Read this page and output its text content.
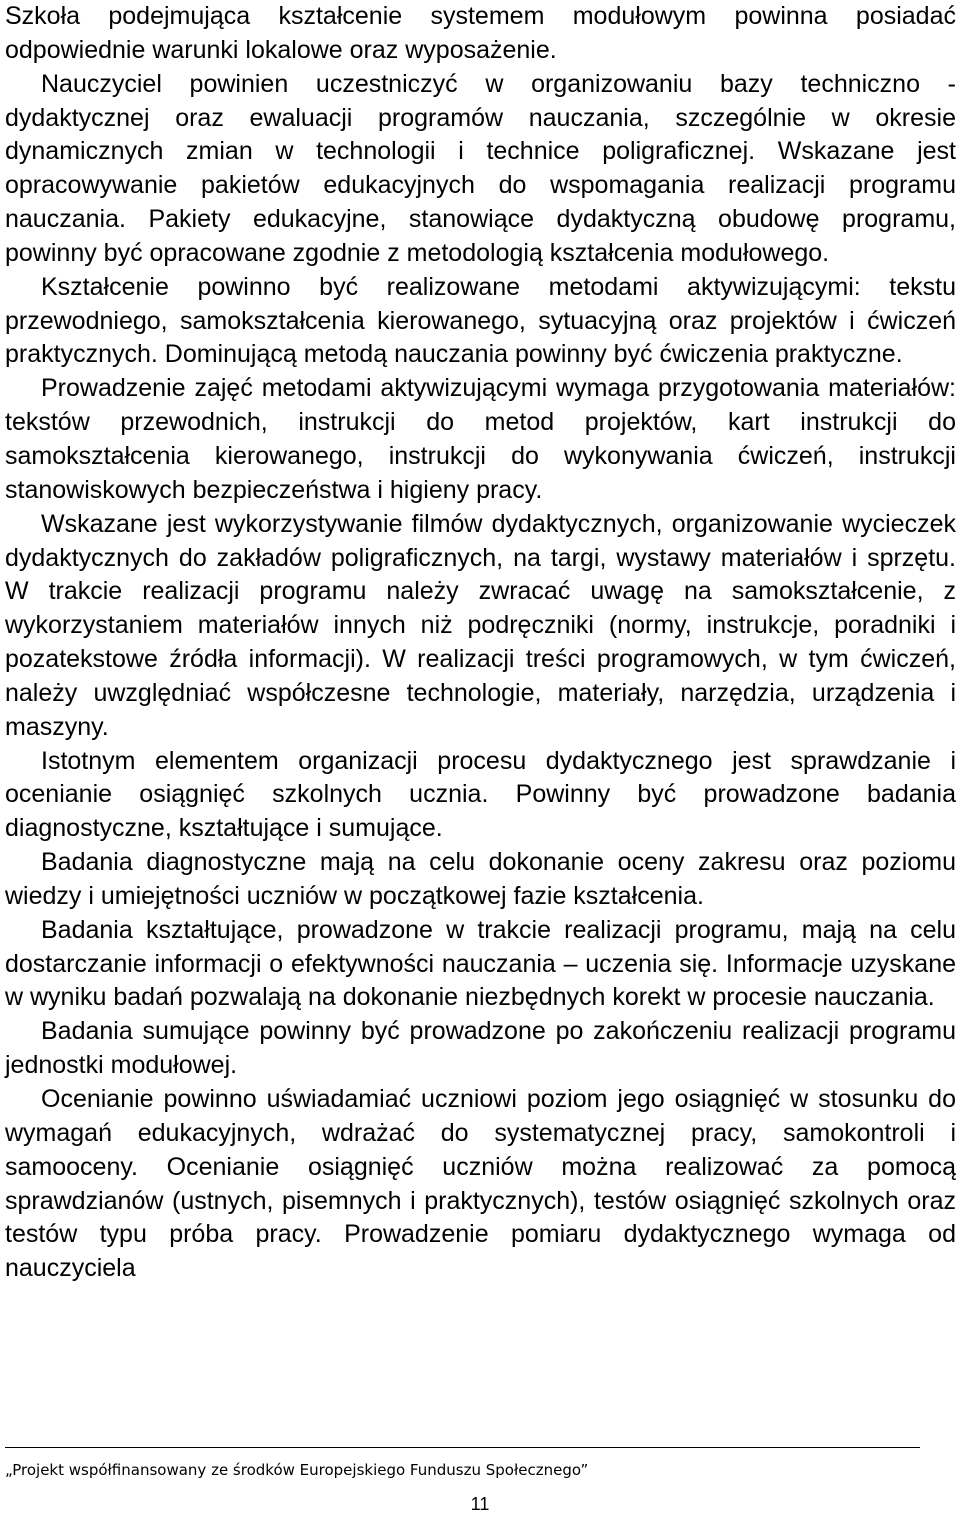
Szkoła podejmująca kształcenie systemem modułowym powinna posiadać odpowiednie warunki lokalowe oraz wyposażenie.

Nauczyciel powinien uczestniczyć w organizowaniu bazy techniczno - dydaktycznej oraz ewaluacji programów nauczania, szczególnie w okresie dynamicznych zmian w technologii i technice poligraficznej. Wskazane jest opracowywanie pakietów edukacyjnych do wspomagania realizacji programu nauczania. Pakiety edukacyjne, stanowiące dydaktyczną obudowę programu, powinny być opracowane zgodnie z metodologią kształcenia modułowego.

Kształcenie powinno być realizowane metodami aktywizującymi: tekstu przewodniego, samokształcenia kierowanego, sytuacyjną oraz projektów i ćwiczeń praktycznych. Dominującą metodą nauczania powinny być ćwiczenia praktyczne.

Prowadzenie zajęć metodami aktywizującymi wymaga przygotowania materiałów: tekstów przewodnich, instrukcji do metod projektów, kart instrukcji do samokształcenia kierowanego, instrukcji do wykonywania ćwiczeń, instrukcji stanowiskowych bezpieczeństwa i higieny pracy.

Wskazane jest wykorzystywanie filmów dydaktycznych, organizowanie wycieczek dydaktycznych do zakładów poligraficznych, na targi, wystawy materiałów i sprzętu. W trakcie realizacji programu należy zwracać uwagę na samokształcenie, z wykorzystaniem materiałów innych niż podręczniki (normy, instrukcje, poradniki i pozatekstowe źródła informacji). W realizacji treści programowych, w tym ćwiczeń, należy uwzględniać współczesne technologie, materiały, narzędzia, urządzenia i maszyny.

Istotnym elementem organizacji procesu dydaktycznego jest sprawdzanie i ocenianie osiągnięć szkolnych ucznia. Powinny być prowadzone badania diagnostyczne, kształtujące i sumujące.

Badania diagnostyczne mają na celu dokonanie oceny zakresu oraz poziomu wiedzy i umiejętności uczniów w początkowej fazie kształcenia.

Badania kształtujące, prowadzone w trakcie realizacji programu, mają na celu dostarczanie informacji o efektywności nauczania – uczenia się. Informacje uzyskane w wyniku badań pozwalają na dokonanie niezbędnych korekt w procesie nauczania.

Badania sumujące powinny być prowadzone po zakończeniu realizacji programu jednostki modułowej.

Ocenianie powinno uświadamiać uczniowi poziom jego osiągnięć w stosunku do wymagań edukacyjnych, wdrażać do systematycznej pracy, samokontroli i samooceny. Ocenianie osiągnięć uczniów można realizować za pomocą sprawdzianów (ustnych, pisemnych i praktycznych), testów osiągnięć szkolnych oraz testów typu próba pracy. Prowadzenie pomiaru dydaktycznego wymaga od nauczyciela

„Projekt współfinansowany ze środków Europejskiego Funduszu Społecznego”
11
